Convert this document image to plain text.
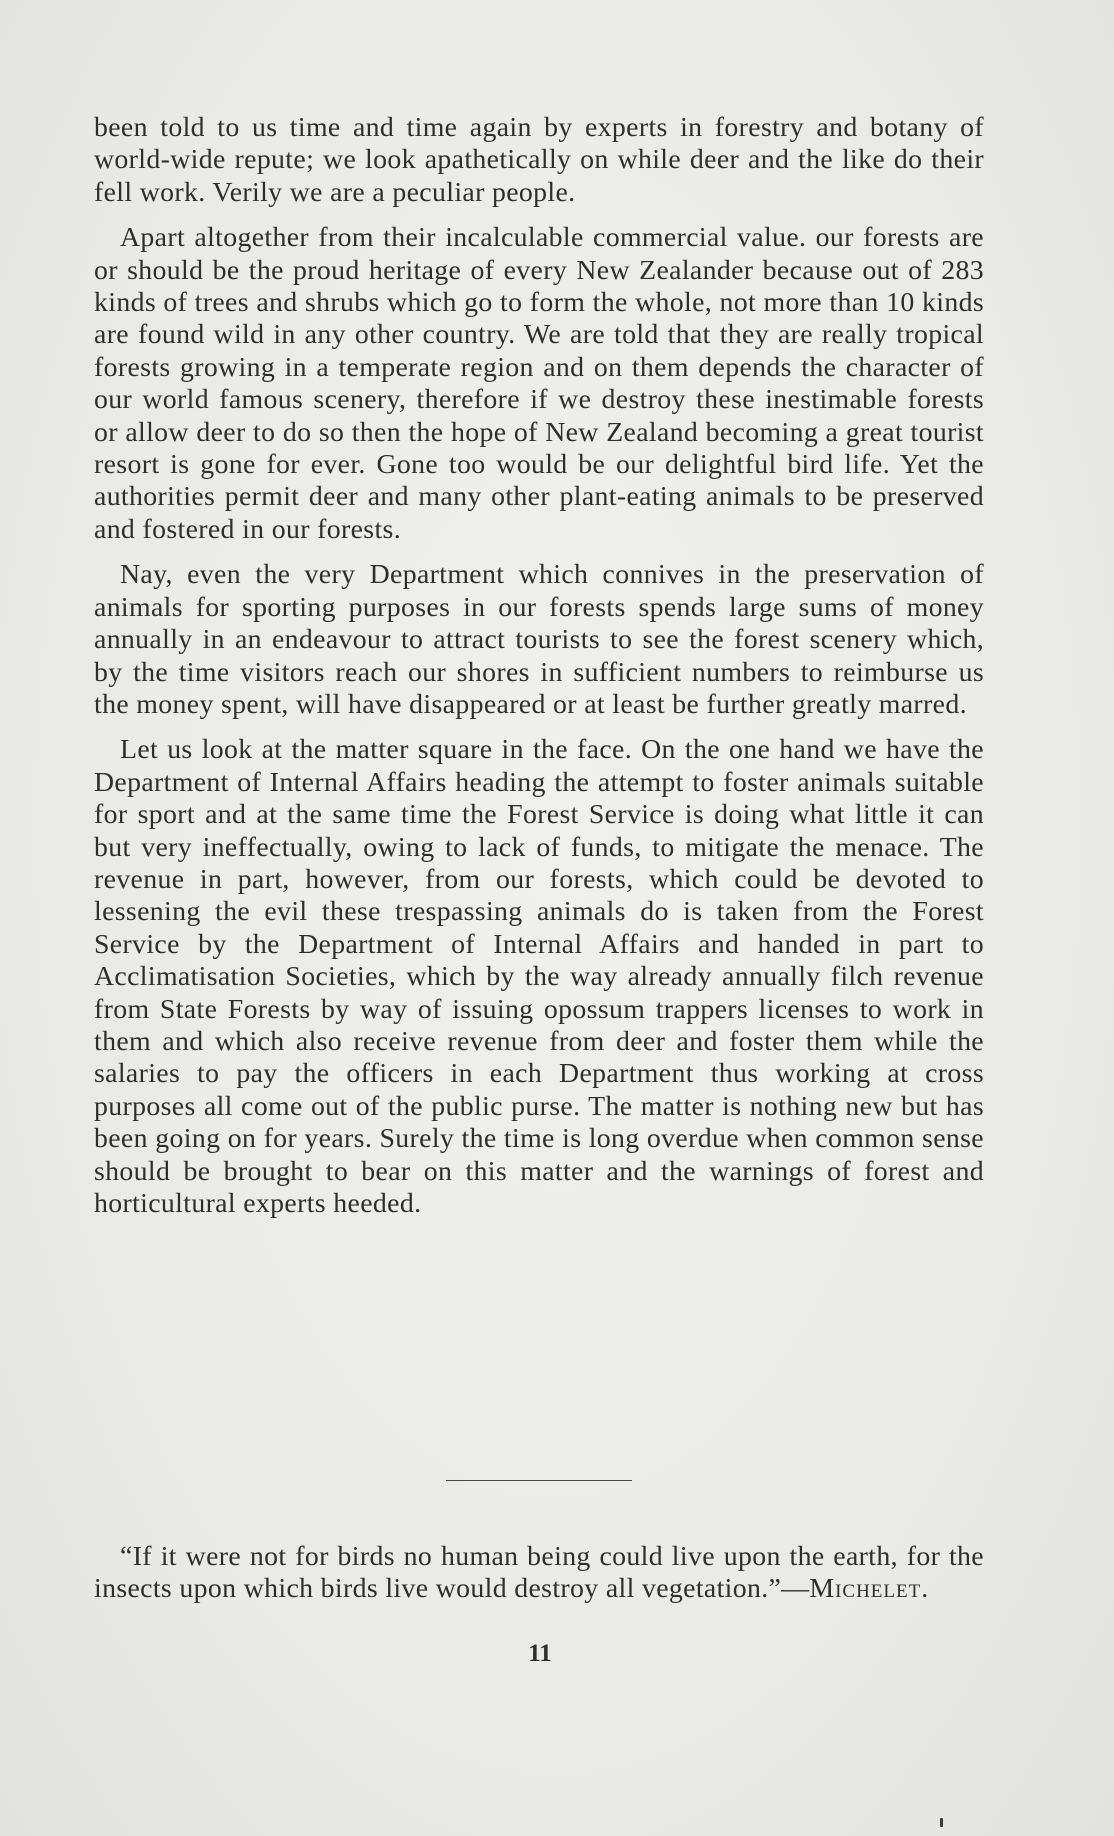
been told to us time and time again by experts in forestry and botany of world-wide repute; we look apathetically on while deer and the like do their fell work. Verily we are a peculiar people.

Apart altogether from their incalculable commercial value. our forests are or should be the proud heritage of every New Zealander because out of 283 kinds of trees and shrubs which go to form the whole, not more than 10 kinds are found wild in any other country. We are told that they are really tropical forests growing in a temperate region and on them depends the character of our world famous scenery, therefore if we destroy these inestimable forests or allow deer to do so then the hope of New Zealand becoming a great tourist resort is gone for ever. Gone too would be our delightful bird life. Yet the authorities permit deer and many other plant-eating animals to be preserved and fostered in our forests.

Nay, even the very Department which connives in the preservation of animals for sporting purposes in our forests spends large sums of money annually in an endeavour to attract tourists to see the forest scenery which, by the time visitors reach our shores in sufficient numbers to reimburse us the money spent, will have disappeared or at least be further greatly marred.

Let us look at the matter square in the face. On the one hand we have the Department of Internal Affairs heading the attempt to foster animals suitable for sport and at the same time the Forest Service is doing what little it can but very ineffectually, owing to lack of funds, to mitigate the menace. The revenue in part, however, from our forests, which could be devoted to lessening the evil these trespassing animals do is taken from the Forest Service by the Department of Internal Affairs and handed in part to Acclimatisation Societies, which by the way already annually filch revenue from State Forests by way of issuing opossum trappers licenses to work in them and which also receive revenue from deer and foster them while the salaries to pay the officers in each Department thus working at cross purposes all come out of the public purse. The matter is nothing new but has been going on for years. Surely the time is long overdue when common sense should be brought to bear on this matter and the warnings of forest and horticultural experts heeded.

“If it were not for birds no human being could live upon the earth, for the insects upon which birds live would destroy all vegetation.”—Michelet.

11
